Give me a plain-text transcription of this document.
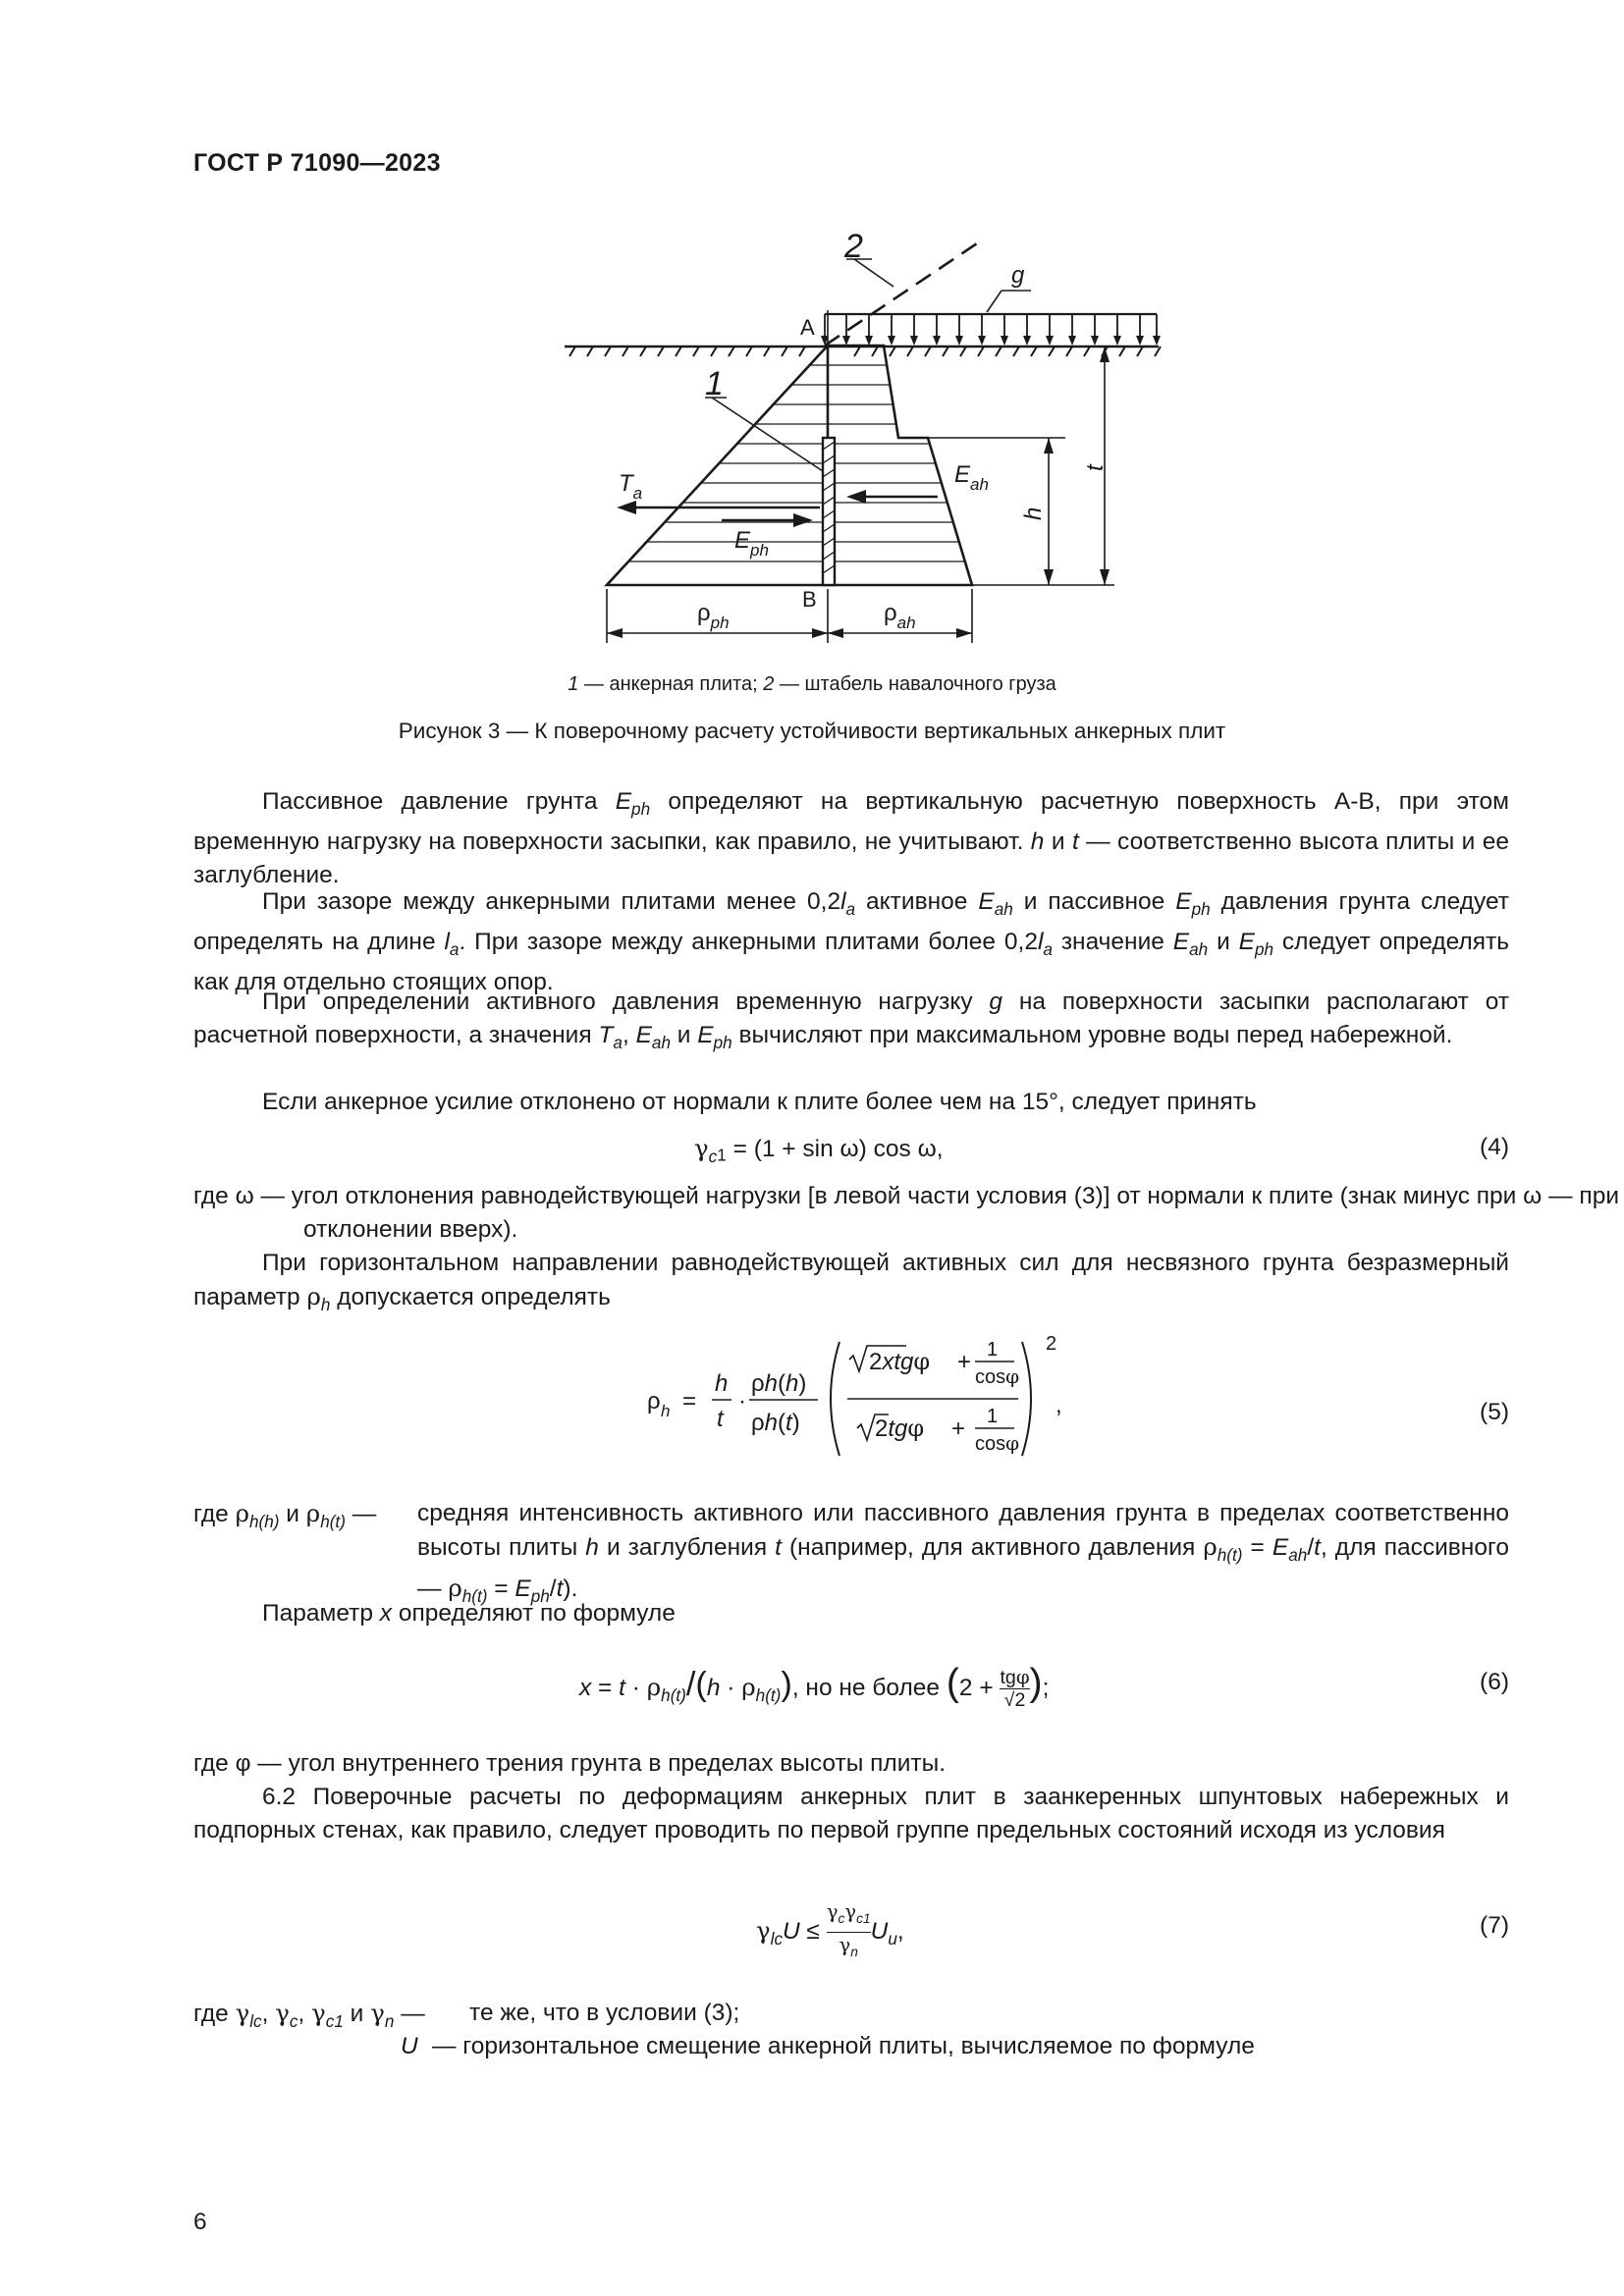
ГОСТ Р 71090—2023
2
g
A
1
t
h
$T_a$
$E_{ah}$
$E_{ph}$
B
$\rho_{ph}$	$\rho_{ah}$
1 — анкерная плита; 2 — штабель навалочного груза
Рисунок 3 — К поверочному расчету устойчивости вертикальных анкерных плит
Пассивное давление грунта $E_{ph}$ определяют на вертикальную расчетную поверхность А-В, при этом временную нагрузку на поверхности засыпки, как правило, не учитывают. h и t — соответственно высота плиты и ее заглубление.
При зазоре между анкерными плитами менее $0,2l_a$ активное $E_{ah}$ и пассивное $E_{ph}$ давления грунта следует определять на длине $l_a$. При зазоре между анкерными плитами более $0,2l_a$ значение $E_{ah}$ и $E_{ph}$ следует определять как для отдельно стоящих опор.
При определении активного давления временную нагрузку g на поверхности засыпки располагают от расчетной поверхности, а значения $T_a$, $E_{ah}$ и $E_{ph}$ вычисляют при максимальном уровне воды перед набережной.
Если анкерное усилие отклонено от нормали к плите более чем на 15°, следует принять
$\gamma_c1 = (1 + \sin \omega)$ cos ω,	(4)
где ω — угол отклонения равнодействующей нагрузки [в левой части условия (3)] от нормали к плите (знак минус при ω — при отклонении вверх).
При горизонтальном направлении равнодействующей активных сил для несвязного грунта безразмерный параметр $\rho_h$ допускается определять
ρ h =
h
t
·
ρh(h)
ρh(t)
2
2xtgφ + 1
cosφ
2tgφ + 1
cosφ
,	(5)
где $\rho_{h(h)}$ и $\rho_{h(t)}$ — средняя интенсивность активного или пассивного давления грунта в пределах соответственно высоты плиты h и заглубления t (например, для активного давления $\rho_{h(t)} = E_{ah}/t$, для пассивного — $\rho_{h(t)} = E_{ph}/t$).
Параметр x определяют по формуле
$x = t \cdot \rho_{h(t)}/(h \cdot \rho_{h(t)})$, но не более (2 + tgφ
√2 );	(6)
где φ — угол внутреннего трения грунта в пределах высоты плиты.
6.2 Поверочные расчеты по деформациям анкерных плит в заанкеренных шпунтовых набережных и подпорных стенах, как правило, следует проводить по первой группе предельных состояний исходя из условия
$\gamma_{lc}U$ ≤
$\gamma_c\gamma_{c1}$
$\gamma_n$
$U_u$,	(7)
где $\gamma_{lc}$, $\gamma_c$, $\gamma_{c1}$ и $\gamma_n$ — те же, что в условии (3);
U — горизонтальное смещение анкерной плиты, вычисляемое по формуле
6
